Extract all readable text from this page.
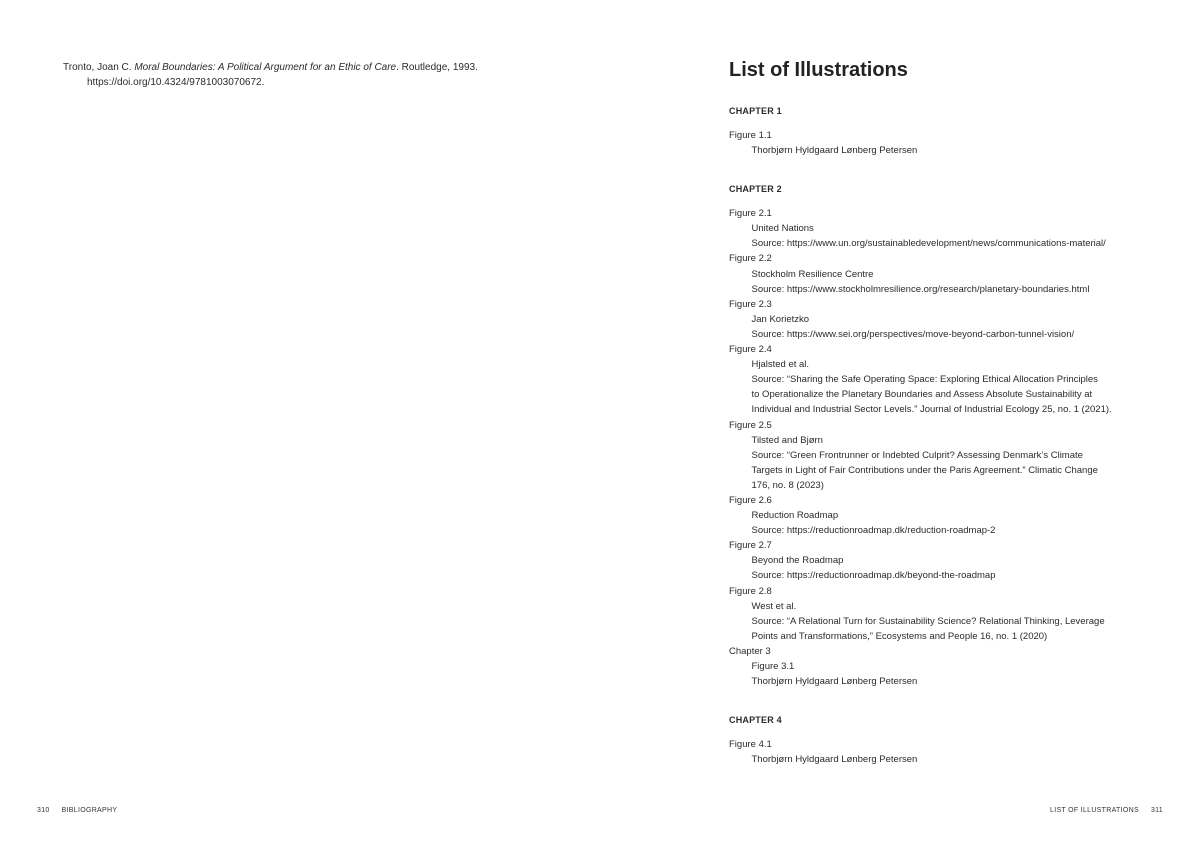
Tronto, Joan C. Moral Boundaries: A Political Argument for an Ethic of Care. Routledge, 1993. https://doi.org/10.4324/9781003070672.

310 BIBLIOGRAPHY
List of Illustrations

CHAPTER 1

Figure 1.1

Thorbjørn Hyldgaard Lønberg Petersen

CHAPTER 2

Figure 2.1

United Nations

Source: https://www.un.org/sustainabledevelopment/news/communications-material/

Figure 2.2

Stockholm Resilience Centre

Source: https://www.stockholmresilience.org/research/planetary-boundaries.html

Figure 2.3

Jan Korietzko

Source: https://www.sei.org/perspectives/move-beyond-carbon-tunnel-vision/

Figure 2.4

Hjalsted et al.

Source: “Sharing the Safe Operating Space: Exploring Ethical Allocation Principles

to Operationalize the Planetary Boundaries and Assess Absolute Sustainability at

Individual and Industrial Sector Levels.” Journal of Industrial Ecology 25, no. 1 (2021).

Figure 2.5

Tilsted and Bjørn

Source: “Green Frontrunner or Indebted Culprit? Assessing Denmark’s Climate

Targets in Light of Fair Contributions under the Paris Agreement.” Climatic Change

176, no. 8 (2023)

Figure 2.6

Reduction Roadmap

Source: https://reductionroadmap.dk/reduction-roadmap-2

Figure 2.7

Beyond the Roadmap

Source: https://reductionroadmap.dk/beyond-the-roadmap

Figure 2.8

West et al.

Source: “A Relational Turn for Sustainability Science? Relational Thinking, Leverage

Points and Transformations,” Ecosystems and People 16, no. 1 (2020)

Chapter 3

Figure 3.1

Thorbjørn Hyldgaard Lønberg Petersen

CHAPTER 4

Figure 4.1

Thorbjørn Hyldgaard Lønberg Petersen

LIST OF ILLUSTRATIONS 311
